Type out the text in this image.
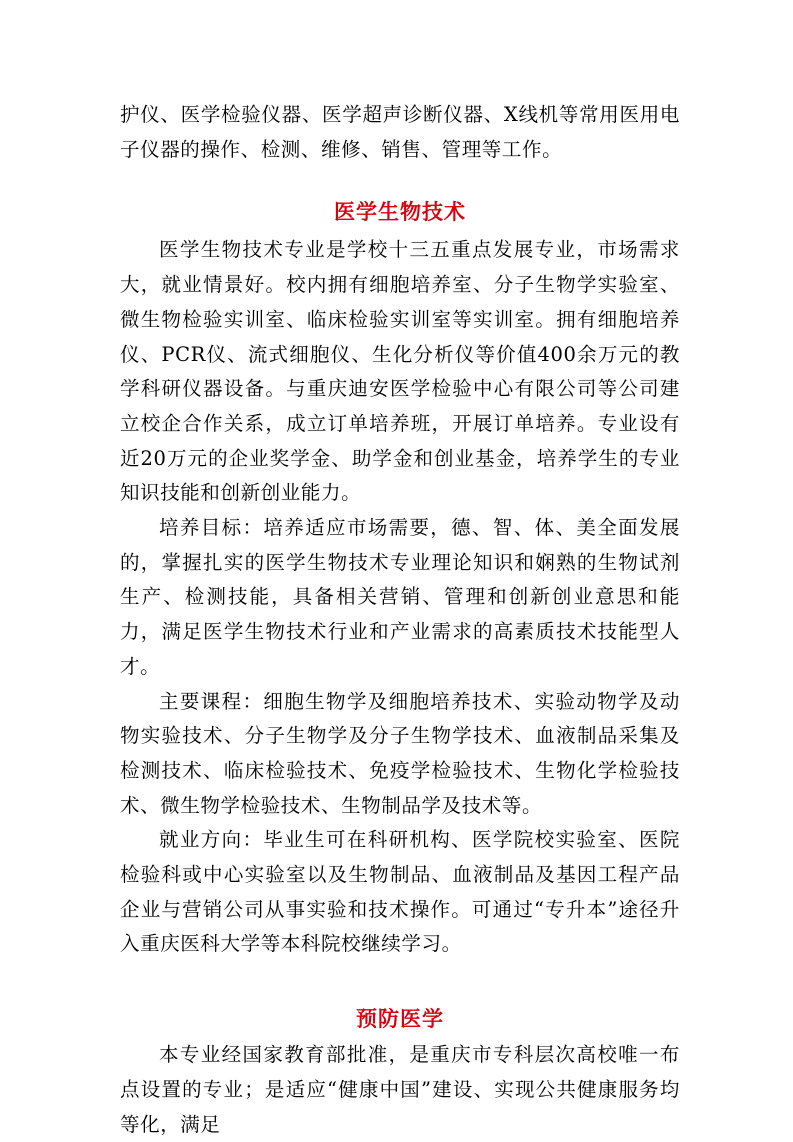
护仪、医学检验仪器、医学超声诊断仪器、X线机等常用医用电子仪器的操作、检测、维修、销售、管理等工作。

医学生物技术

医学生物技术专业是学校十三五重点发展专业，市场需求大，就业情景好。校内拥有细胞培养室、分子生物学实验室、微生物检验实训室、临床检验实训室等实训室。拥有细胞培养仪、PCR仪、流式细胞仪、生化分析仪等价值400余万元的教学科研仪器设备。与重庆迪安医学检验中心有限公司等公司建立校企合作关系，成立订单培养班，开展订单培养。专业设有近20万元的企业奖学金、助学金和创业基金，培养学生的专业知识技能和创新创业能力。

培养目标：培养适应市场需要，德、智、体、美全面发展的，掌握扎实的医学生物技术专业理论知识和娴熟的生物试剂生产、检测技能，具备相关营销、管理和创新创业意思和能力，满足医学生物技术行业和产业需求的高素质技术技能型人才。

主要课程：细胞生物学及细胞培养技术、实验动物学及动物实验技术、分子生物学及分子生物学技术、血液制品采集及检测技术、临床检验技术、免疫学检验技术、生物化学检验技术、微生物学检验技术、生物制品学及技术等。

就业方向：毕业生可在科研机构、医学院校实验室、医院检验科或中心实验室以及生物制品、血液制品及基因工程产品企业与营销公司从事实验和技术操作。可通过“专升本”途径升入重庆医科大学等本科院校继续学习。

预防医学

本专业经国家教育部批准，是重庆市专科层次高校唯一布点设置的专业；是适应“健康中国”建设、实现公共健康服务均等化，满足
